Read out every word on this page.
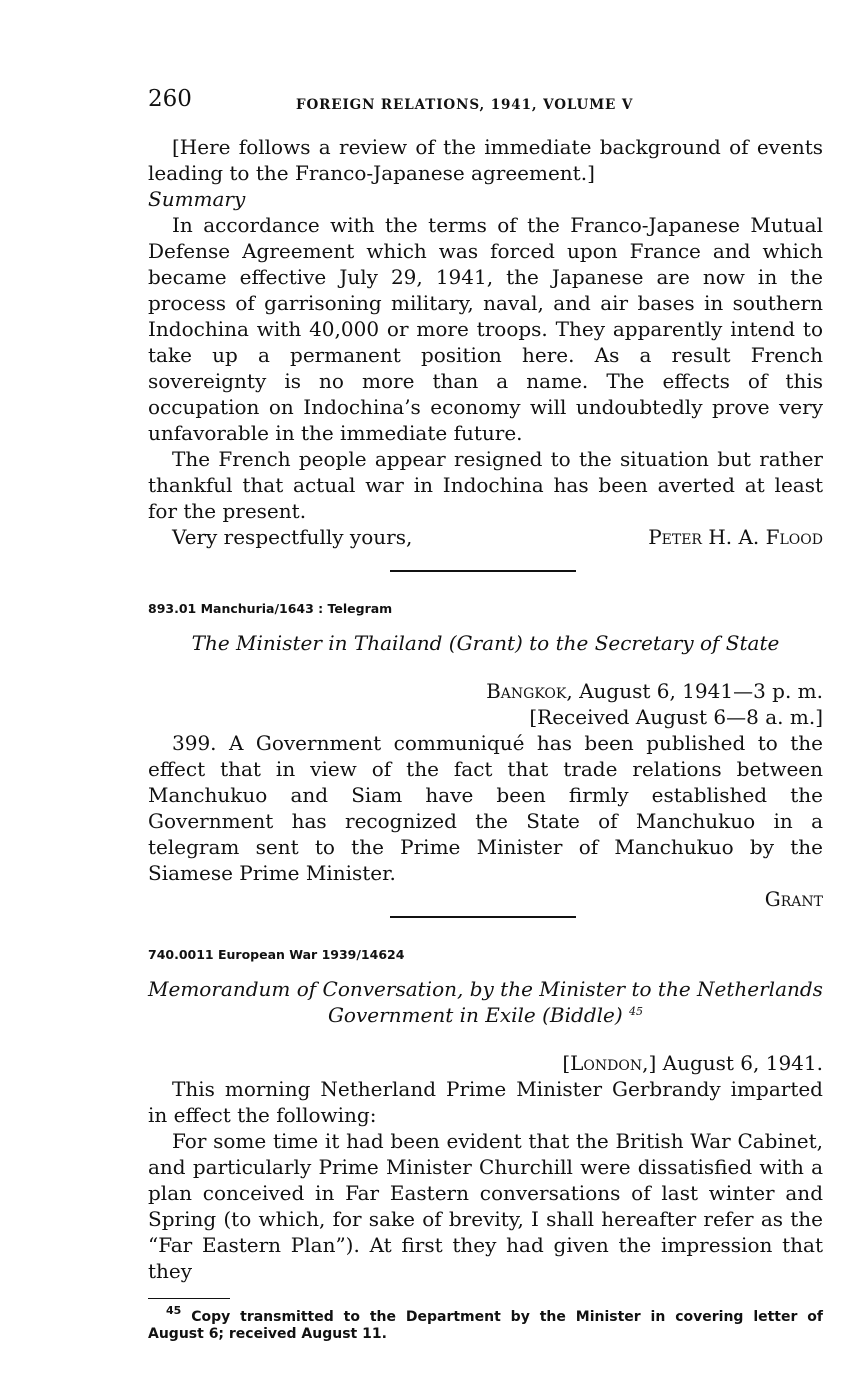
260	FOREIGN RELATIONS, 1941, VOLUME V

[Here follows a review of the immediate background of events leading to the Franco-Japanese agreement.]

Summary

In accordance with the terms of the Franco-Japanese Mutual Defense Agreement which was forced upon France and which became effective July 29, 1941, the Japanese are now in the process of garrisoning military, naval, and air bases in southern Indochina with 40,000 or more troops. They apparently intend to take up a permanent position here. As a result French sovereignty is no more than a name. The effects of this occupation on Indochina’s economy will undoubtedly prove very unfavorable in the immediate future.

The French people appear resigned to the situation but rather thankful that actual war in Indochina has been averted at least for the present.

Very respectfully yours,	Peter H. A. Flood
893.01 Manchuria/1643 : Telegram
The Minister in Thailand (Grant) to the Secretary of State
Bangkok, August 6, 1941—3 p. m.
[Received August 6—8 a. m.]

399. A Government communiqué has been published to the effect that in view of the fact that trade relations between Manchukuo and Siam have been firmly established the Government has recognized the State of Manchukuo in a telegram sent to the Prime Minister of Manchukuo by the Siamese Prime Minister.

Grant
740.0011 European War 1939/14624
Memorandum of Conversation, by the Minister to the Netherlands Government in Exile (Biddle) $^{45}$
[London,] August 6, 1941.

This morning Netherland Prime Minister Gerbrandy imparted in effect the following:

For some time it had been evident that the British War Cabinet, and particularly Prime Minister Churchill were dissatisfied with a plan conceived in Far Eastern conversations of last winter and Spring (to which, for sake of brevity, I shall hereafter refer as the “Far Eastern Plan”). At first they had given the impression that they

$^{45}$ Copy transmitted to the Department by the Minister in covering letter of August 6; received August 11.
